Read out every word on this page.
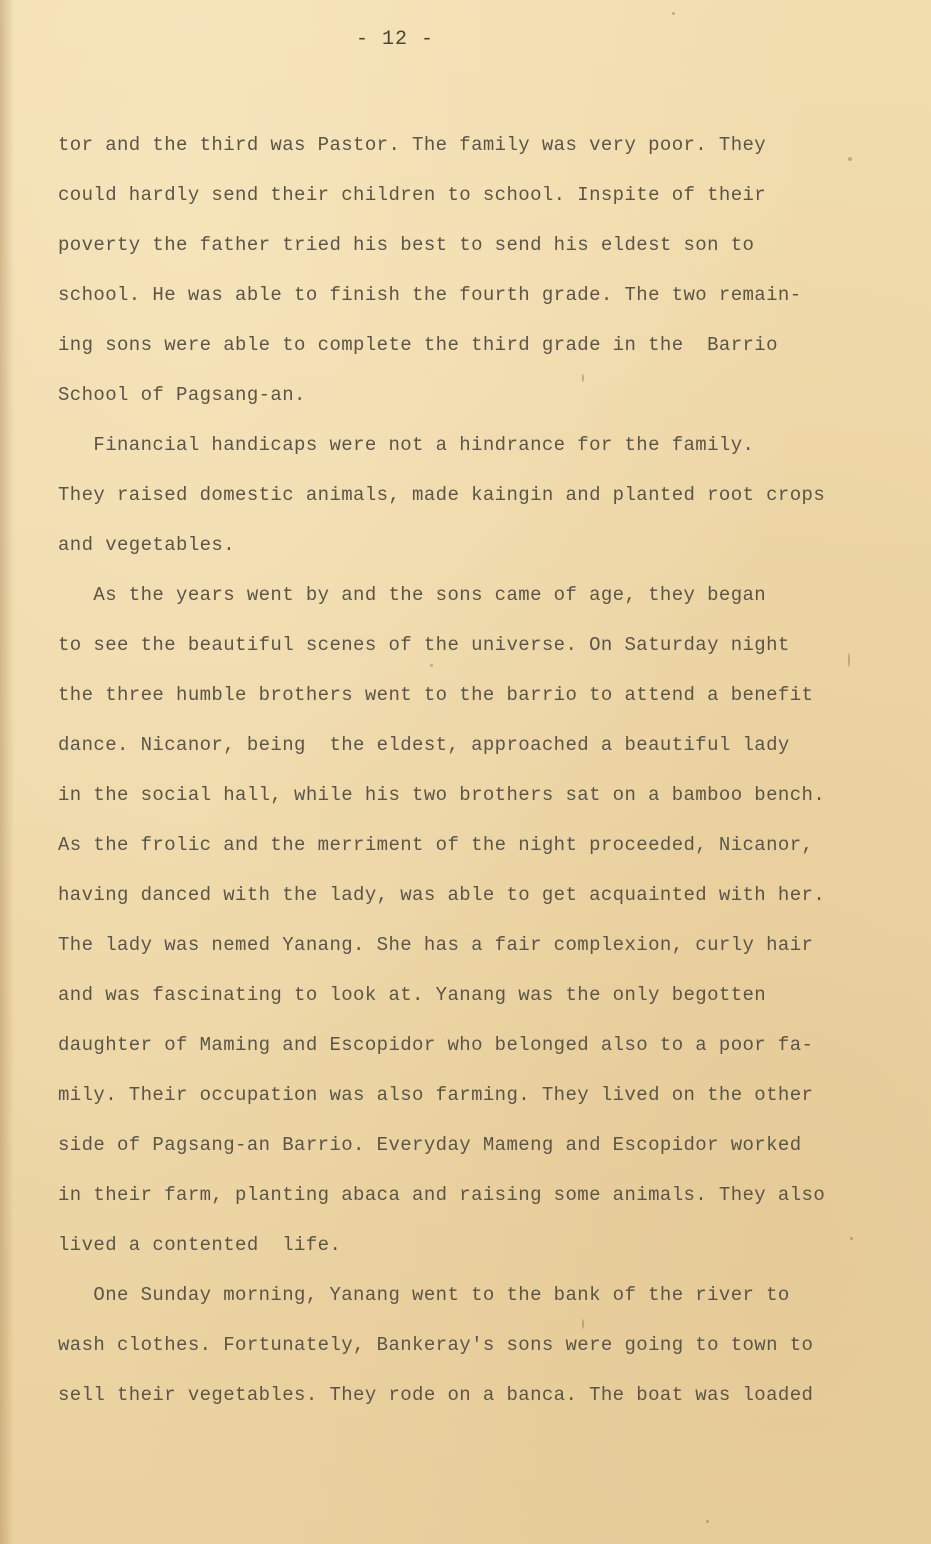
- 12 -
tor and the third was Pastor. The family was very poor. They
could hardly send their children to school. Inspite of their
poverty the father tried his best to send his eldest son to
school. He was able to finish the fourth grade. The two remain-
ing sons were able to complete the third grade in the  Barrio
School of Pagsang-an.
Financial handicaps were not a hindrance for the family.
They raised domestic animals, made kaingin and planted root crops
and vegetables.
As the years went by and the sons came of age, they began
to see the beautiful scenes of the universe. On Saturday night
the three humble brothers went to the barrio to attend a benefit
dance. Nicanor, being  the eldest, approached a beautiful lady
in the social hall, while his two brothers sat on a bamboo bench.
As the frolic and the merriment of the night proceeded, Nicanor,
having danced with the lady, was able to get acquainted with her.
The lady was nemed Yanang. She has a fair complexion, curly hair
and was fascinating to look at. Yanang was the only begotten
daughter of Maming and Escopidor who belonged also to a poor fa-
mily. Their occupation was also farming. They lived on the other
side of Pagsang-an Barrio. Everyday Mameng and Escopidor worked
in their farm, planting abaca and raising some animals. They also
lived a contented  life.
One Sunday morning, Yanang went to the bank of the river to
wash clothes. Fortunately, Bankeray's sons were going to town to
sell their vegetables. They rode on a banca. The boat was loaded
